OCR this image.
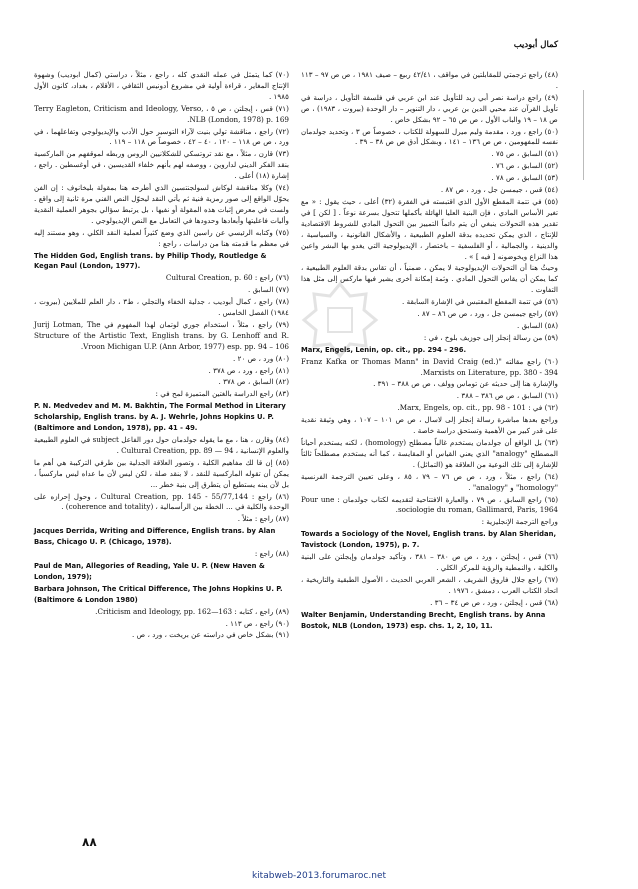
كمال أبوديب

(٤٨) راجع ترجمتي للمقابلتين في مواقف ، ٤٢/٤١ ربيع – صيف ١٩٨١ ، ص ص ٩٧ – ١١٣ .

(٤٩) راجع دراسة نصر أبي زيد للتأويل عند ابن عربي في فلسفة التأويل ، دراسة في تأويل القرآن عند محيي الدين بن عربي ، دار التنوير – دار الوحدة (بيروت ، ١٩٨٣) ، ص ص ١٨ – ١٩ والباب الأول ، ص ص ٦٥ – ٩٢ بشكل خاص .

(٥٠) راجع ، ورد ، مقدمة وليم ميرل للسهولة للكتاب ، خصوصاً ص ٣ ، وتحديد جولدمان نفسه للمفهومين ، ص ص ١٣٦ – ١٤١ ، وبشكل أدق ص ص ٣٨ – ٣٩ .

(٥١) السابق ، ص ٧٥ .

(٥٢) السابق ، ص ٧٦ .

(٥٣) السابق ، ص ٧٨ .

(٥٤) قس ، جيمسن جل ، ورد ، ص ٨٧ .

(٥٥) في تتمة المقطع الأول الذي اقتبسته في الفقرة (٣٢) أعلى ، حيث يقول : « مع تغير الأساس المادي ، فإن البنية العليا الهائلة بأكملها تتحول بسرعة نوعاً . [ لكن ] في تقدير هذه التحولات ينبغي أن يتم دائماً التمييز بين التحول المادي للشروط الاقتصادية للإنتاج ، الذي يمكن تحديده بدقة العلوم الطبيعية ، والأشكال القانونية ، والسياسية ، والدينية ، والجمالية ، أو الفلسفية – باختصار ، الإيديولوجية التي يغدو بها البشر واعين هذا النزاع ويخوضونه [ فيه ] » .

وحيثُ هنا أن التحولات الإيديولوجية لا يمكن ، ضمنياً ، أن تقاس بدقة العلوم الطبيعية ، كما يمكن أن يقاس التحول المادي . وثمة إمكانة أخرى يشير فيها ماركس إلى مثل هذا التفاوت .

(٥٦) في تتمة المقطع المقتبس في الإشارة السابقة .

(٥٧) راجع جيمسن جل ، ورد ، ص ص ٨٦ – ٨٧ .

(٥٨) السابق .

(٥٩) من رسالة إنجلز إلى جوزيف بلوخ ، في :

Marx, Engels, Lenin, op. cit., pp. 294 - 296.

(٦٠) راجع مقالته "Franz Kafka or Thomas Mann" in David Craig (ed.) Marxists on Literature, pp. 380 - 394.

والإشارة هنا إلى حديثه عن توماس وولف ، ص ص ٣٨٨ – ٣٩١ .

(٦١) السابق ، ص ص ٣٨٦ – ٣٨٨ .

(٦٢) في : Marx, Engels, op. cit., pp. 98 - 101.

وراجع بعدها مباشرة رسالة إنجلز إلى لاسال ، ص ص ١٠١ – ١٠٧ ، وهي وثيقة نقدية على قدر كبير من الأهمية وتستحق دراسة خاصة .

(٦٣) بل الواقع أن جولدمان يستخدم غالباً مصطلح (homology) ، لكنه يستخدم أحياناً المصطلح "analogy" الذي يعني القياس أو المقايسة ، كما أنه يستخدم مصطلحاً ثالثاً للإشارة إلى تلك النوعية من العلاقة هو (التماثل) .

(٦٤) راجع ، مثلاً ، ورد ، ص ص ٧٦ – ٧٩ ، ٨٥ ، وعلى تعيين الترجمة الفرنسية "homology" و "analogy" .

(٦٥) راجع السابق ، ص ٧٩ ، والعبارة الافتتاحية لتقديمه لكتاب جولدمان : Pour une sociologie du roman, Gallimard, Paris, 1964.

وراجع الترجمة الإنجليزية :

Towards a Sociology of the Novel, English trans. by Alan Sheridan, Tavistock (London, 1975), p. 7.

(٦٦) قس ، إيجلتن ، ورد ، ص ص ٣٨٠ – ٣٨١ ، وتأكيد جولدمان وإيجلتن على البنية والكلية ، والنمطية والرؤية للمركز الكلي .

(٦٧) راجع جلال فاروق الشريف ، الشعر العربي الحديث ، الأصول الطبقية والتاريخية ، اتحاد الكتاب العرب ، دمشق ، ١٩٧٦ .

(٦٨) قس ، إيجلتن ، ورد ، ص ص ٣٤ – ٣٦ .

Walter Benjamin, Understanding Brecht, English trans. by Anna Bostok, NLB (London, 1973) esp. chs. 1, 2, 10, 11.

(٧٠) كما يتمثل في عمله النقدي كله ، راجع ، مثلاً ، دراستي (كمال ابوديب) وشهوة الإنتاج المغاير ، قراءة أولية في مشروع أدونيس الثقافي ، الأقلام ، بغداد، كانون الأول ١٩٨٥ .

(٧١) قس ، إيجلتن ، ص ٥ ، Terry Eagleton, Criticism and Ideology, Verso, NLB (London, 1978) p. 169.

(٧٢) راجع ، مناقشة تولي بنيت لآراء التوسير حول الأدب والإيديولوجي وتفاعلهما ، في ورد ، ص ص ١١٨ – ١٢٠ ، ٤٠ – ٤٢ ، خصوصاً ص ١١٨ – ١١٩ .

(٧٣) قارن ، مثلاً ، مع نقد تروتسكي للشكلانيين الروس وربطه لموقفهم من الماركسية بنقد الفكر الديني لداروين ، ووصفه لهم بأنهم خلفاء القديسين ، في أوغسطين . راجع ، إشارة (١٨) أعلى .

(٧٤) وكلا مناقشة لوكاش لسولجنتسين الذي أطرحه هنا بمقولة بليخانوف : إن الفن يحوّل الواقع إلى صور رمزية فنية ثم يأتي النقد ليحوّل النص الفني مرة ثانية إلى واقع . ولست في معرض إثبات هذه المقولة أو نفيها ، بل يرتبط سؤالي بجوهر العملية النقدية وأليات فاعليتها وأبعادها وحدودها في التعامل مع النص الإيديولوجي .

(٧٥) وكتابه الرئيسي عن راسين الذي وضع كثيراً لعملية النقد الكلي ، وهو مستند إليه في معظم ما قدمته هنا من دراسات ، راجع :

The Hidden God, English trans. by Philip Thody, Routledge & Kegan Paul (London, 1977).

(٧٦) راجع : Cultural Creation, p. 60

(٧٧) السابق .

(٧٨) راجع ، كمال أبوديب ، جدلية الخفاء والتجلي ، ط٣ ، دار العلم للملايين (بيروت ، ١٩٨٤) الفصل الخامس .

(٧٩) راجع ، مثلاً ، استخدام جوري لوتمان لهذا المفهوم في Jurij Lotman, The Structure of the Artistic Text, English trans. by G. Lenhoff and R. Vroon Michigan U.P. (Ann Arbor, 1977) esp. pp. 94 – 106.

(٨٠) ورد ، ص ٢٠ .

(٨١) راجع ، ورد ، ص ٣٧٨ .

(٨٢) السابق ، ص ٣٧٨ .

(٨٣) راجع الدراسة بالغتين المتميزة لمح في :

P. N. Medvedev and M. M. Bakhtin, The Formal Method in Literary Scholarship, English trans. by A. J. Wehrle, Johns Hopkins U. P. (Baltimore and London, 1978), pp. 41 - 49.

(٨٤) وقارن ، هنا ، مع ما يقوله جولدمان حول دور الفاعل subject في العلوم الطبيعية والعلوم الإنسانية ، Cultural Creation, pp. 89 — 94 .

(٨٥) إن قا لك مفاهيم الكلية ، وتصور العلاقة الجدلية بين طرفي التركيبة هي أهم ما يمكن أن تقوله الماركسية للنقد ، لا بنقد صلة ، لكن ليس لأن ما عداه ليس ماركسياً ، بل لأن يبنه يستطيع أن يتطرق إلى بنية خطر ...

(٨٦) راجع : Cultural Creation, pp. 145 - 55/77,144 ، وحول إحرازه على الوحدة والكلية في ... الخطة بين الرأسمالية ، (coherence and totality) .

(٨٧) راجع : مثلاً .

Jacques Derrida, Writing and Difference, English trans. by Alan Bass, Chicago U. P. (Chicago, 1978).

(٨٨) راجع :

Paul de Man, Allegories of Reading, Yale U. P. (New Haven & London, 1979);

Barbara Johnson, The Critical Difference, The Johns Hopkins U. P. (Baltimore & London 1980)

(٨٩) راجع ، كتابه : Criticism and Ideology, pp. 162—163.

(٩٠) راجع ، ص ١١٣ .

(٩١) بشكل خاص في دراسته عن بريخت ، ورد ، ص .

٨٨
kitabweb-2013.forumaroc.net
